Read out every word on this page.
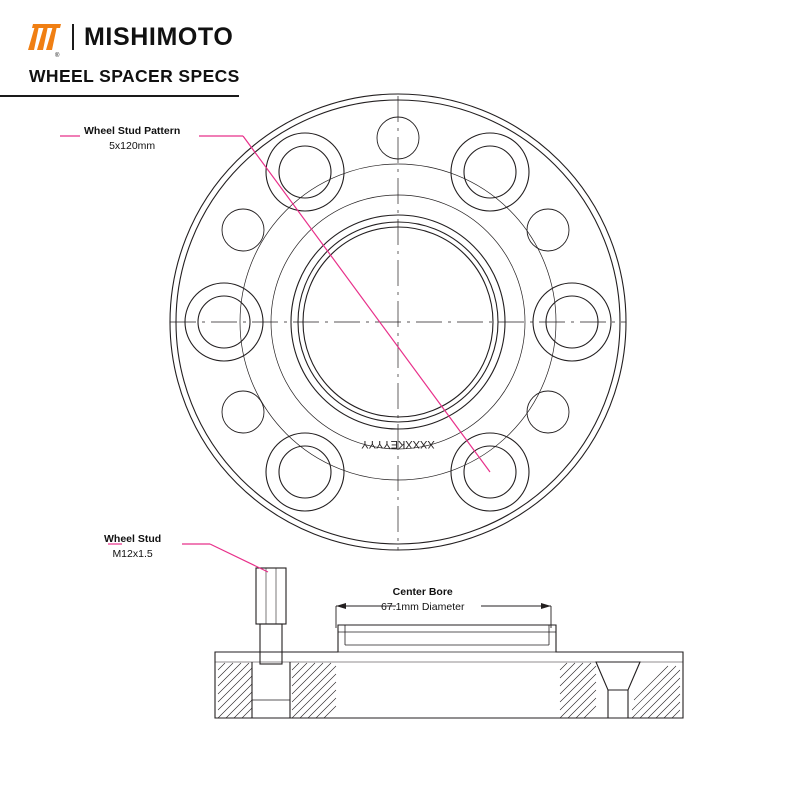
®
MISHIMOTO
WHEEL SPACER SPECS
Wheel Stud Pattern
5x120mm
Wheel Stud
M12x1.5
Center Bore
67.1mm Diameter
XXXXKEYYYY
